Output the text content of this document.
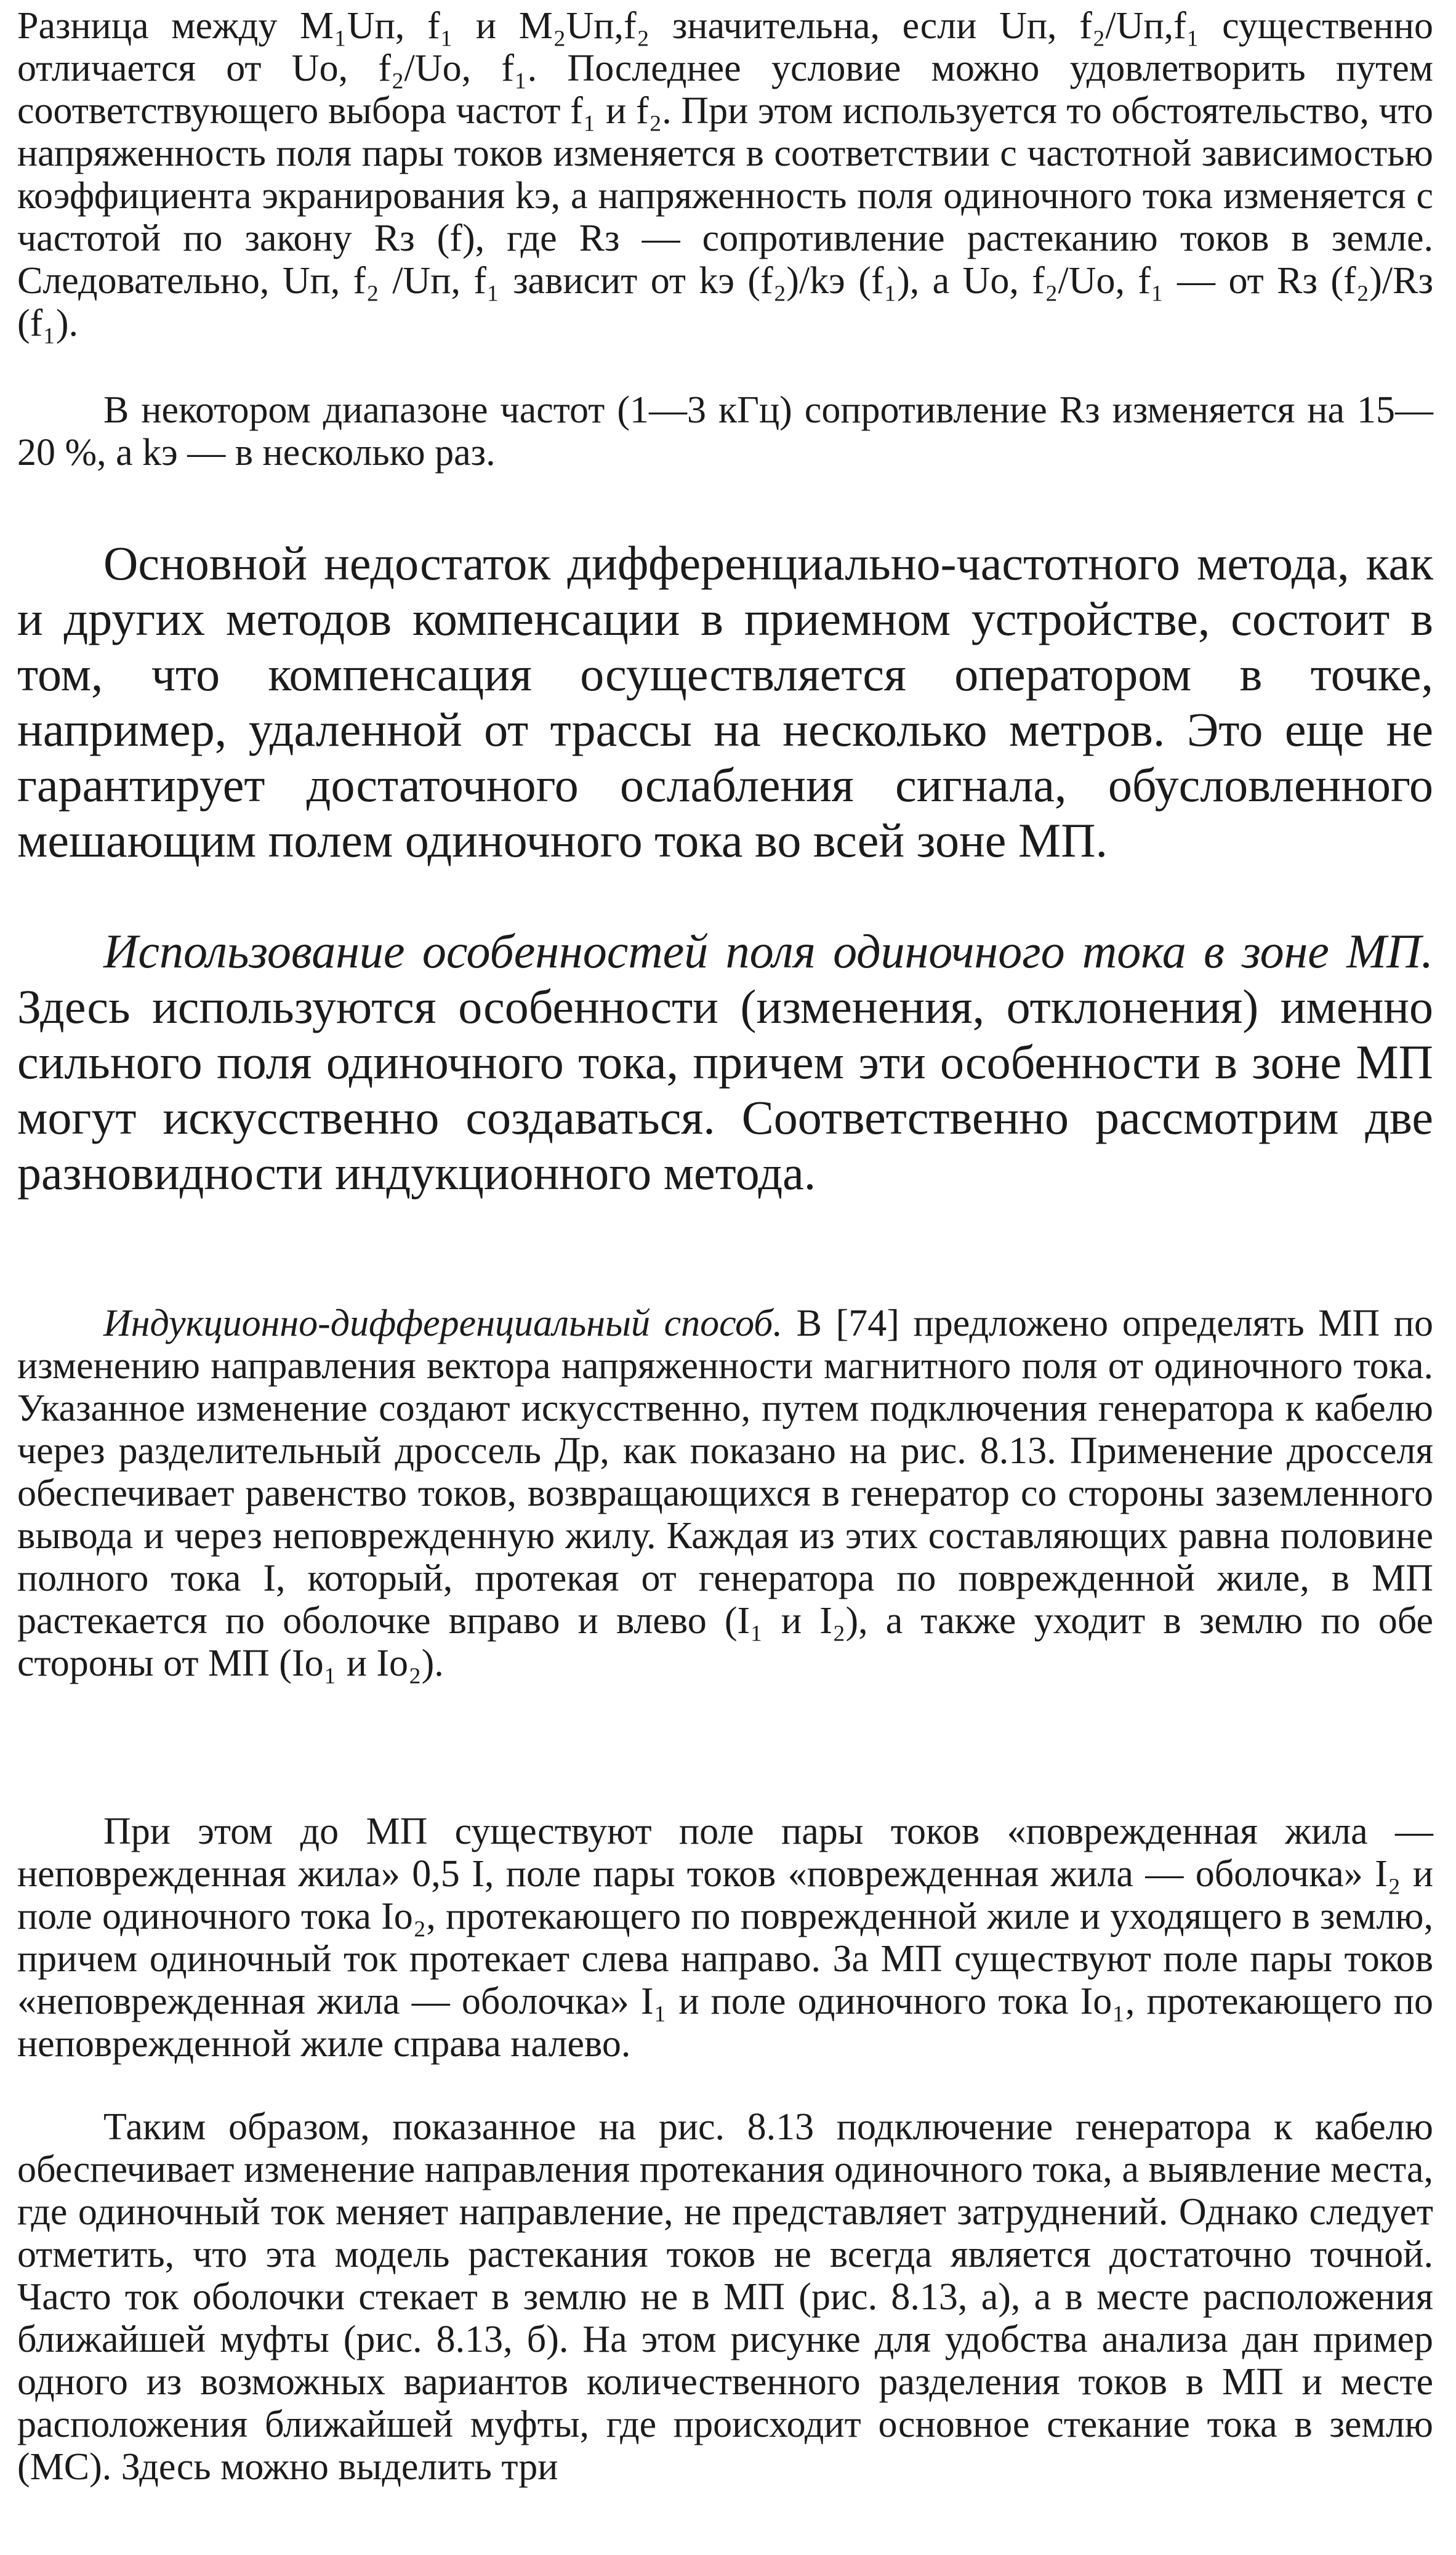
Разница между M₁Uп, f₁ и M₂Uп,f₂ значительна, если Uп, f₂/Uп,f₁ существенно отличается от Uо, f₂/Uо, f₁. Последнее условие можно удовлетворить путем соответствующего выбора частот f₁ и f₂. При этом используется то обстоятельство, что напряженность поля пары токов изменяется в соответствии с частотной зависимостью коэффициента экранирования kэ, а напряженность поля одиночного тока изменяется с частотой по закону Rз (f), где Rз — сопротивление растеканию токов в земле. Следовательно, Uп, f₂ /Uп, f₁ зависит от kэ (f₂)/kэ (f₁), а Uо, f₂/Uо, f₁ — от Rз (f₂)/Rз (f₁).

В некотором диапазоне частот (1—3 кГц) сопротивление Rз изменяется на 15—20 %, а kэ — в несколько раз.

Основной недостаток дифференциально-частотного метода, как и других методов компенсации в приемном устройстве, состоит в том, что компенсация осуществляется оператором в точке, например, удаленной от трассы на несколько метров. Это еще не гарантирует достаточного ослабления сигнала, обусловленного мешающим полем одиночного тока во всей зоне МП.

Использование особенностей поля одиночного тока в зоне МП. Здесь используются особенности (изменения, отклонения) именно сильного поля одиночного тока, причем эти особенности в зоне МП могут искусственно создаваться. Соответственно рассмотрим две разновидности индукционного метода.

Индукционно-дифференциальный способ. В [74] предложено определять МП по изменению направления вектора напряженности магнитного поля от одиночного тока. Указанное изменение создают искусственно, путем подключения генератора к кабелю через разделительный дроссель Др, как показано на рис. 8.13. Применение дросселя обеспечивает равенство токов, возвращающихся в генератор со стороны заземленного вывода и через неповрежденную жилу. Каждая из этих составляющих равна половине полного тока I, который, протекая от генератора по поврежденной жиле, в МП растекается по оболочке вправо и влево (I₁ и I₂), а также уходит в землю по обе стороны от МП (Iо₁ и Iо₂).

При этом до МП существуют поле пары токов «поврежденная жила — неповрежденная жила» 0,5 I, поле пары токов «поврежденная жила — оболочка» I₂ и поле одиночного тока Iо₂, протекающего по поврежденной жиле и уходящего в землю, причем одиночный ток протекает слева направо. За МП существуют поле пары токов «неповрежденная жила — оболочка» I₁ и поле одиночного тока Iо₁, протекающего по неповрежденной жиле справа налево.

Таким образом, показанное на рис. 8.13 подключение генератора к кабелю обеспечивает изменение направления протекания одиночного тока, а выявление места, где одиночный ток меняет направление, не представляет затруднений. Однако следует отметить, что эта модель растекания токов не всегда является достаточно точной. Часто ток оболочки стекает в землю не в МП (рис. 8.13, а), а в месте расположения ближайшей муфты (рис. 8.13, б). На этом рисунке для удобства анализа дан пример одного из возможных вариантов количественного разделения токов в МП и месте расположения ближайшей муфты, где происходит основное стекание тока в землю (МС). Здесь можно выделить три
